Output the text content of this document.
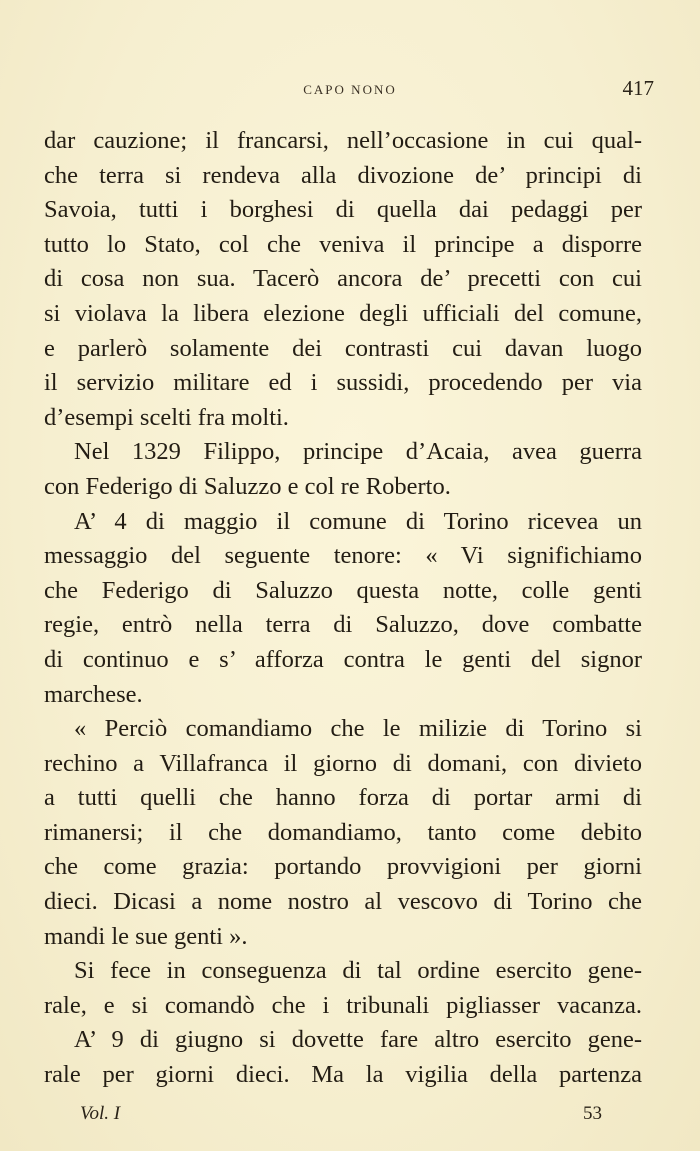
CAPO NONO	417
dar cauzione; il francarsi, nell’occasione in cui qual-
che terra si rendeva alla divozione de’ principi di
Savoia, tutti i borghesi di quella dai pedaggi per
tutto lo Stato, col che veniva il principe a disporre
di cosa non sua. Tacerò ancora de’ precetti con cui
si violava la libera elezione degli ufficiali del comune,
e parlerò solamente dei contrasti cui davan luogo
il servizio militare ed i sussidi, procedendo per via
d’esempi scelti fra molti.
Nel 1329 Filippo, principe d’Acaia, avea guerra
con Federigo di Saluzzo e col re Roberto.
A’ 4 di maggio il comune di Torino ricevea un
messaggio del seguente tenore: « Vi significhiamo
che Federigo di Saluzzo questa notte, colle genti
regie, entrò nella terra di Saluzzo, dove combatte
di continuo e s’ afforza contra le genti del signor
marchese.
« Perciò comandiamo che le milizie di Torino si
rechino a Villafranca il giorno di domani, con divieto
a tutti quelli che hanno forza di portar armi di
rimanersi; il che domandiamo, tanto come debito
che come grazia: portando provvigioni per giorni
dieci. Dicasi a nome nostro al vescovo di Torino che
mandi le sue genti ».
Si fece in conseguenza di tal ordine esercito gene-
rale, e si comandò che i tribunali pigliasser vacanza.
A’ 9 di giugno si dovette fare altro esercito gene-
rale per giorni dieci. Ma la vigilia della partenza
Vol. I	53
